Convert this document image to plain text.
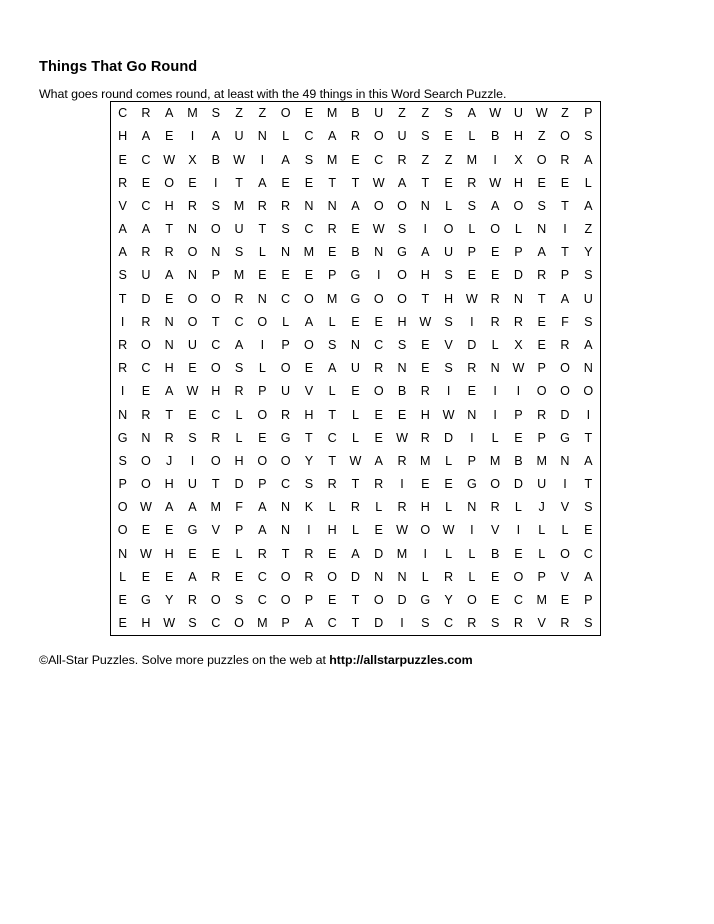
Things That Go Round

What goes round comes round, at least with the 49 things in this Word Search Puzzle.

C	R	A	M	S	Z	Z	O	E	M	B	U	Z	Z	S	A	W	U	W	Z	P
H	A	E	I	A	U	N	L	C	A	R	O	U	S	E	L	B	H	Z	O	S
E	C	W	X	B	W	I	A	S	M	E	C	R	Z	Z	M	I	X	O	R	A
R	E	O	E	I	T	A	E	E	T	T	W	A	T	E	R	W	H	E	E	L
V	C	H	R	S	M	R	R	N	N	A	O	O	N	L	S	A	O	S	T	A
A	A	T	N	O	U	T	S	C	R	E	W	S	I	O	L	O	L	N	I	Z
A	R	R	O	N	S	L	N	M	E	B	N	G	A	U	P	E	P	A	T	Y
S	U	A	N	P	M	E	E	E	P	G	I	O	H	S	E	E	D	R	P	S
T	D	E	O	O	R	N	C	O	M	G	O	O	T	H	W	R	N	T	A	U
I	R	N	O	T	C	O	L	A	L	E	E	H	W	S	I	R	R	E	F	S
R	O	N	U	C	A	I	P	O	S	N	C	S	E	V	D	L	X	E	R	A
R	C	H	E	O	S	L	O	E	A	U	R	N	E	S	R	N	W	P	O	N
I	E	A	W	H	R	P	U	V	L	E	O	B	R	I	E	I	I	O	O	O
N	R	T	E	C	L	O	R	H	T	L	E	E	H	W	N	I	P	R	D	I
G	N	R	S	R	L	E	G	T	C	L	E	W	R	D	I	L	E	P	G	T
S	O	J	I	O	H	O	O	Y	T	W	A	R	M	L	P	M	B	M	N	A
P	O	H	U	T	D	P	C	S	R	T	R	I	E	E	G	O	D	U	I	T
O	W	A	A	M	F	A	N	K	L	R	L	R	H	L	N	R	L	J	V	S
O	E	E	G	V	P	A	N	I	H	L	E	W	O	W	I	V	I	L	L	E
N	W	H	E	E	L	R	T	R	E	A	D	M	I	L	L	B	E	L	O	C
L	E	E	A	R	E	C	O	R	O	D	N	N	L	R	L	E	O	P	V	A
E	G	Y	R	O	S	C	O	P	E	T	O	D	G	Y	O	E	C	M	E	P
E	H	W	S	C	O	M	P	A	C	T	D	I	S	C	R	S	R	V	R	S
©All-Star Puzzles. Solve more puzzles on the web at http://allstarpuzzles.com
